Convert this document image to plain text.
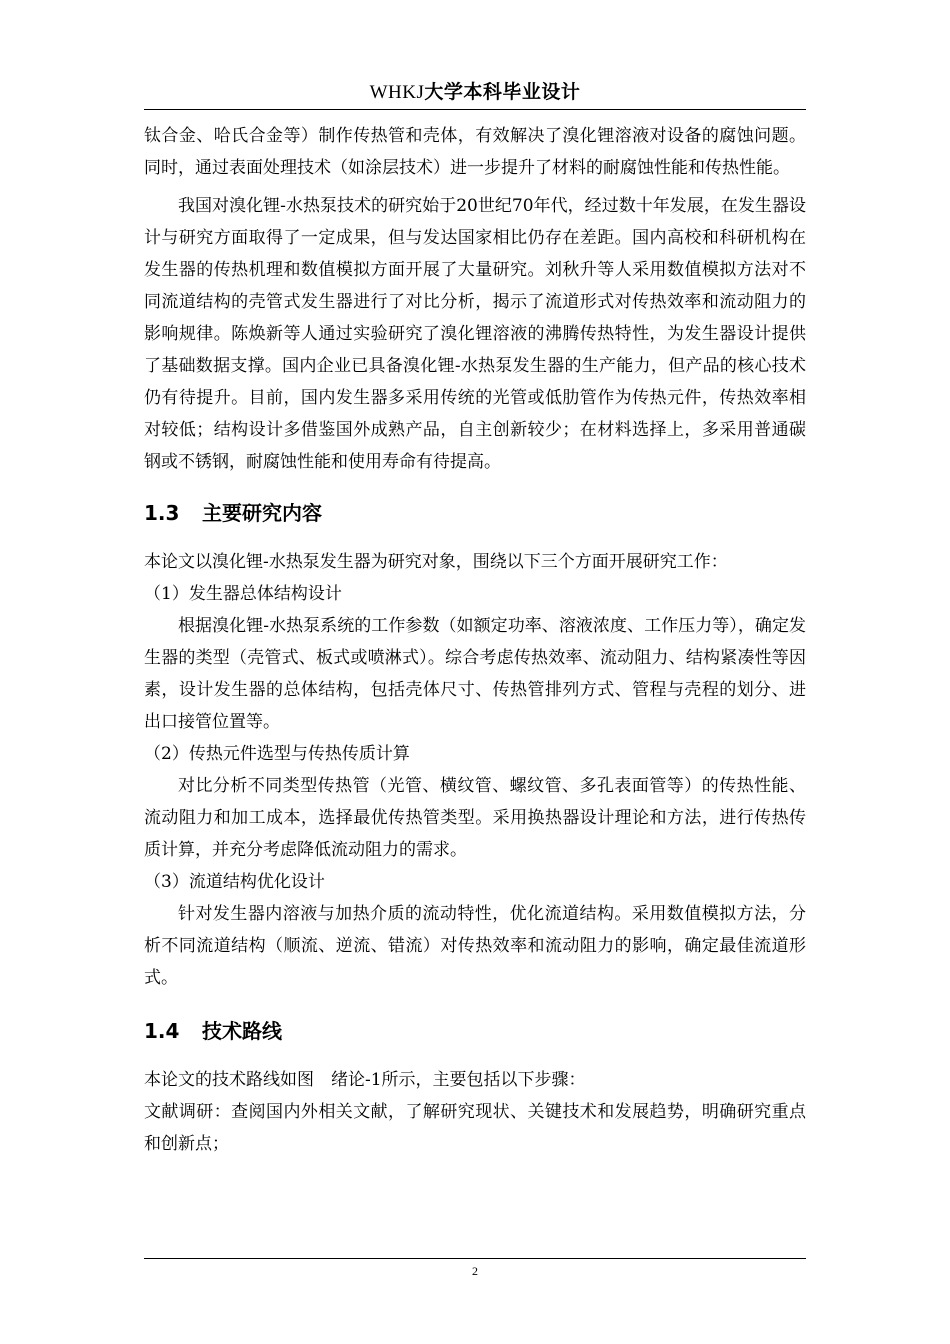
WHKJ大学本科毕业设计

钛合金、哈氏合金等）制作传热管和壳体，有效解决了溴化锂溶液对设备的腐蚀问题。同时，通过表面处理技术（如涂层技术）进一步提升了材料的耐腐蚀性能和传热性能。

我国对溴化锂-水热泵技术的研究始于20世纪70年代，经过数十年发展，在发生器设计与研究方面取得了一定成果，但与发达国家相比仍存在差距。国内高校和科研机构在发生器的传热机理和数值模拟方面开展了大量研究。刘秋升等人采用数值模拟方法对不同流道结构的壳管式发生器进行了对比分析，揭示了流道形式对传热效率和流动阻力的影响规律。陈焕新等人通过实验研究了溴化锂溶液的沸腾传热特性，为发生器设计提供了基础数据支撑。国内企业已具备溴化锂-水热泵发生器的生产能力，但产品的核心技术仍有待提升。目前，国内发生器多采用传统的光管或低肋管作为传热元件，传热效率相对较低；结构设计多借鉴国外成熟产品，自主创新较少；在材料选择上，多采用普通碳钢或不锈钢，耐腐蚀性能和使用寿命有待提高。

1.3 主要研究内容

本论文以溴化锂-水热泵发生器为研究对象，围绕以下三个方面开展研究工作：

（1）发生器总体结构设计

根据溴化锂-水热泵系统的工作参数（如额定功率、溶液浓度、工作压力等），确定发生器的类型（壳管式、板式或喷淋式）。综合考虑传热效率、流动阻力、结构紧凑性等因素，设计发生器的总体结构，包括壳体尺寸、传热管排列方式、管程与壳程的划分、进出口接管位置等。

（2）传热元件选型与传热传质计算

对比分析不同类型传热管（光管、横纹管、螺纹管、多孔表面管等）的传热性能、流动阻力和加工成本，选择最优传热管类型。采用换热器设计理论和方法，进行传热传质计算，并充分考虑降低流动阻力的需求。

（3）流道结构优化设计

针对发生器内溶液与加热介质的流动特性，优化流道结构。采用数值模拟方法，分析不同流道结构（顺流、逆流、错流）对传热效率和流动阻力的影响，确定最佳流道形式。

1.4 技术路线

本论文的技术路线如图　绪论-1所示，主要包括以下步骤：

文献调研：查阅国内外相关文献，了解研究现状、关键技术和发展趋势，明确研究重点和创新点；

2
